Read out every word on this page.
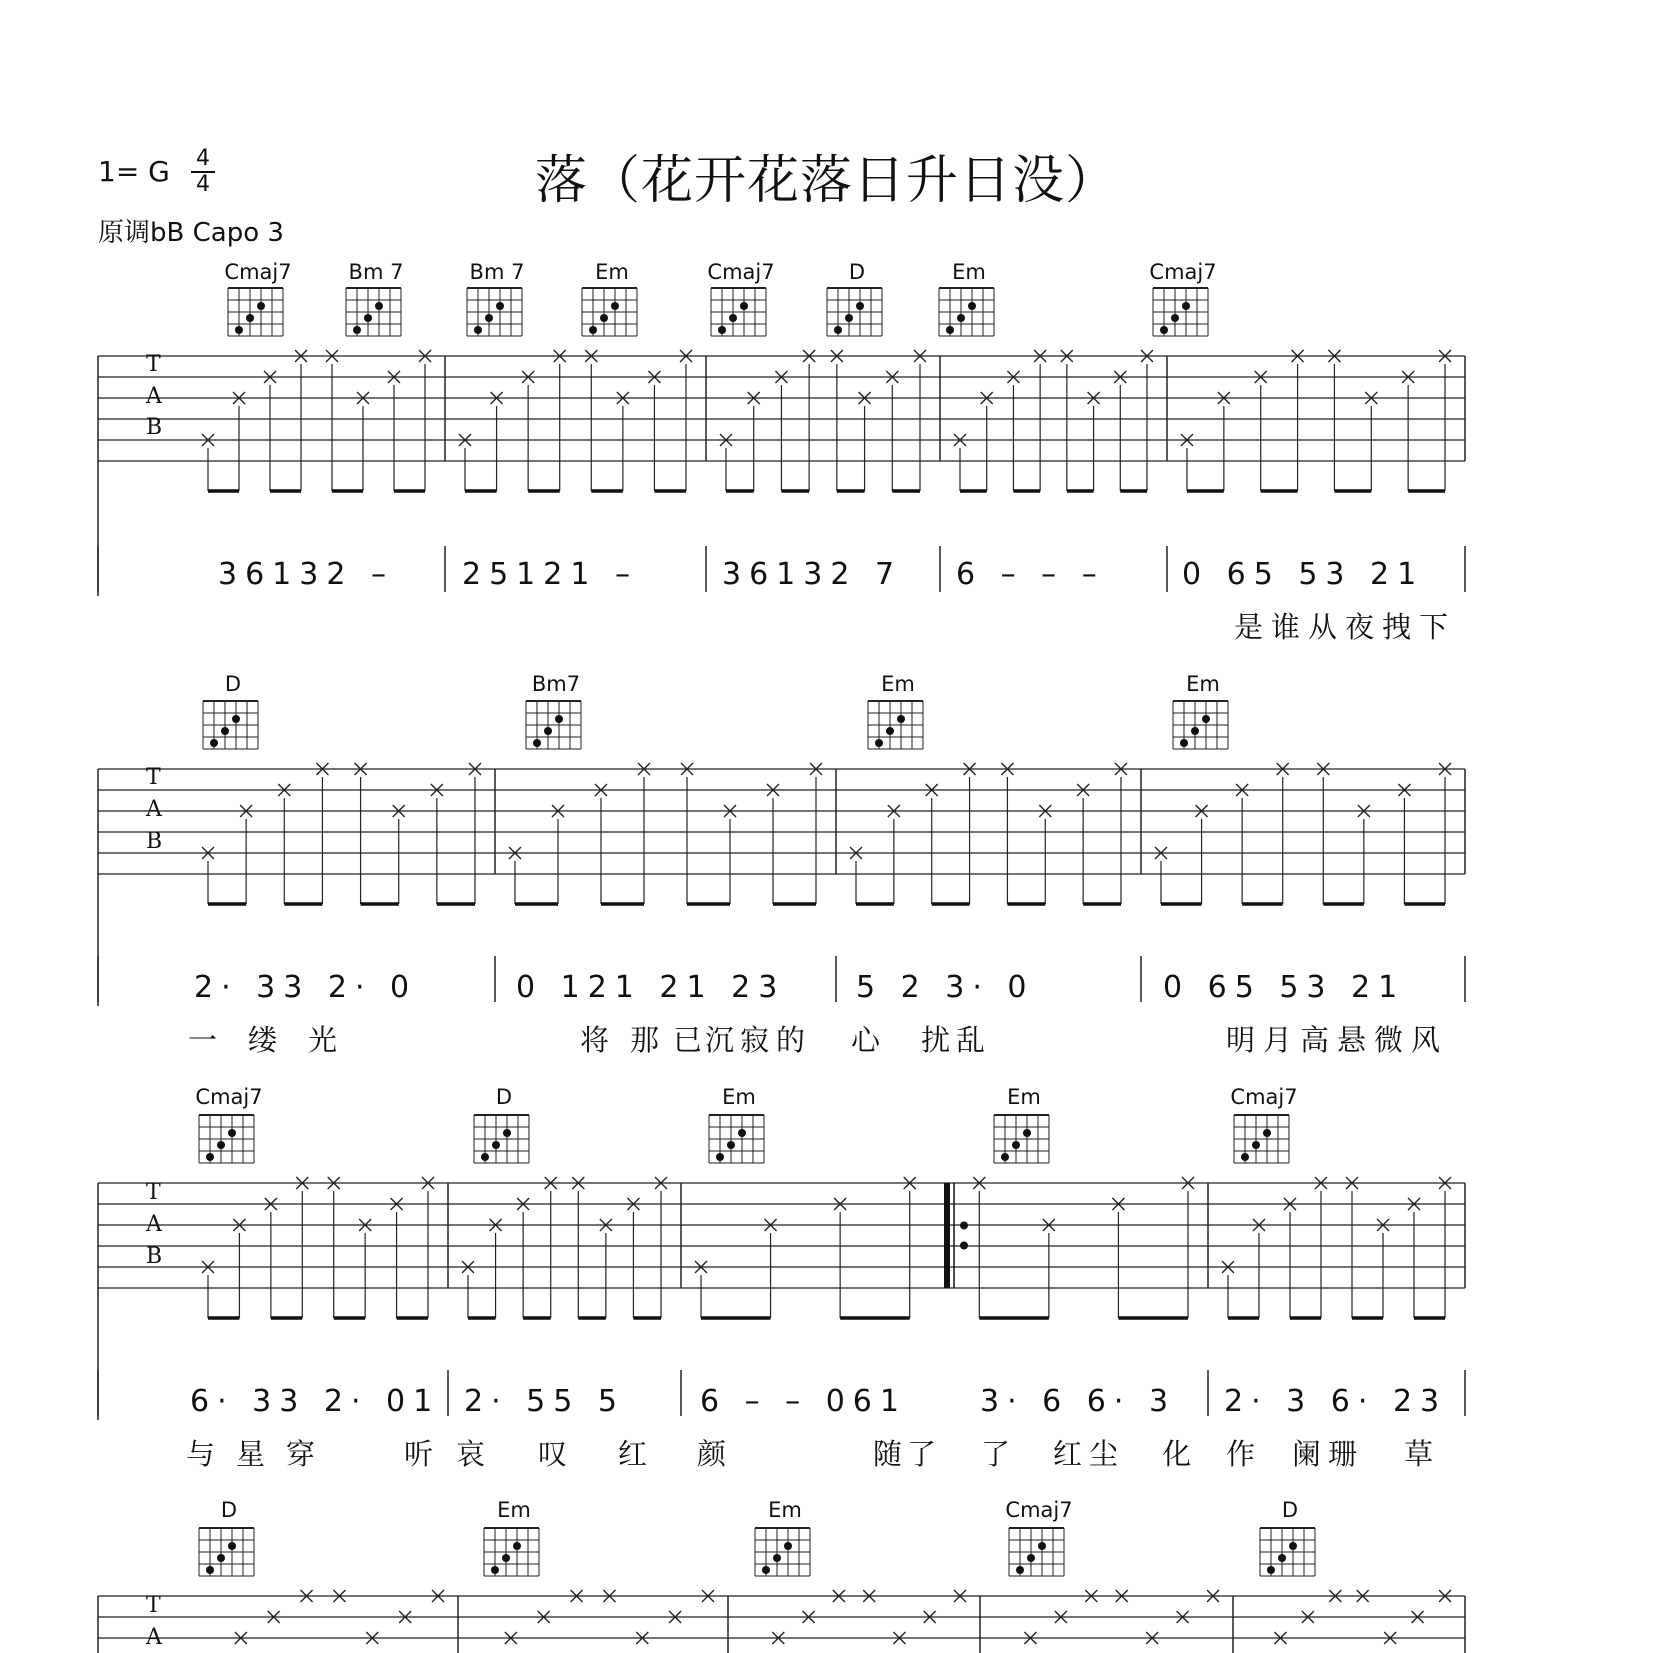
落（花开花落日升日没）
1= G 4
4
原调bB Capo 3
Cmaj7	Bm 7	Bm 7	Em	Cmaj7	D	Em	Cmaj7
T
A
B
36132 – 25121 –	36132 7 6 – – –	0 65 53 21
是谁从夜拽下
D	Bm7	Em	Em
T
A
B
2· 33 2· 0	0 121 21 23 5 2 3· 0	0 65 53 21
一 缕 光	将 那 已
沉
寂
的 心 扰
乱	明月高悬微风
Cmaj7	D	Em	Em	Cmaj7
T
A
B
6· 33 2· 01 2· 55 5	6 – – 061 3· 6 6· 3 2· 3 6· 23
与 星 穿	听 哀 叹 红 颜	随
了 了 红
尘 化 作 阑
珊 草
D	Em	Em	Cmaj7	D
T
A
